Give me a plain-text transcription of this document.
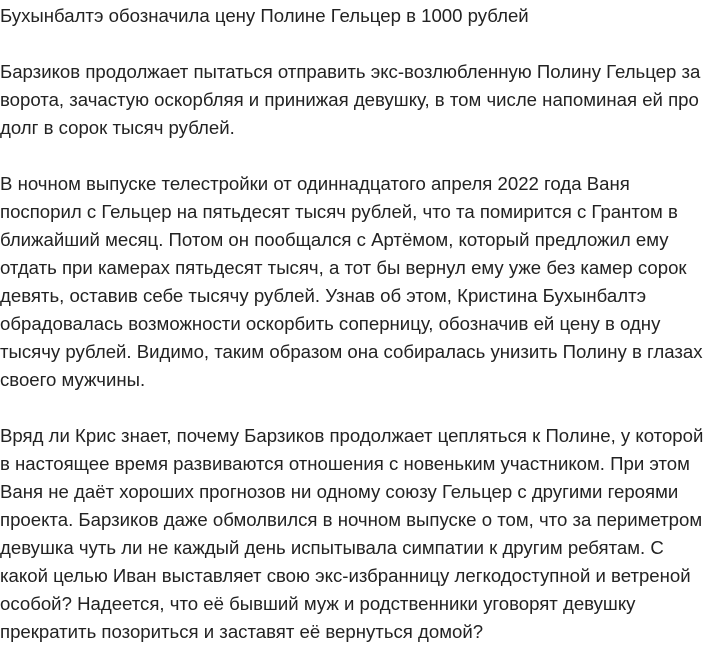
Бухынбалтэ обозначила цену Полине Гельцер в 1000 рублей
Барзиков продолжает пытаться отправить экс-возлюбленную Полину Гельцер за
ворота, зачастую оскорбляя и принижая девушку, в том числе напоминая ей про
долг в сорок тысяч рублей.
В ночном выпуске телестройки от одиннадцатого апреля 2022 года Ваня
поспорил с Гельцер на пятьдесят тысяч рублей, что та помирится с Грантом в
ближайший месяц. Потом он пообщался с Артёмом, который предложил ему
отдать при камерах пятьдесят тысяч, а тот бы вернул ему уже без камер сорок
девять, оставив себе тысячу рублей. Узнав об этом, Кристина Бухынбалтэ
обрадовалась возможности оскорбить соперницу, обозначив ей цену в одну
тысячу рублей. Видимо, таким образом она собиралась унизить Полину в глазах
своего мужчины.
Вряд ли Крис знает, почему Барзиков продолжает цепляться к Полине, у которой
в настоящее время развиваются отношения с новеньким участником. При этом
Ваня не даёт хороших прогнозов ни одному союзу Гельцер с другими героями
проекта. Барзиков даже обмолвился в ночном выпуске о том, что за периметром
девушка чуть ли не каждый день испытывала симпатии к другим ребятам. С
какой целью Иван выставляет свою экс-избранницу легкодоступной и ветреной
особой? Надеется, что её бывший муж и родственники уговорят девушку
прекратить позориться и заставят её вернуться домой?
